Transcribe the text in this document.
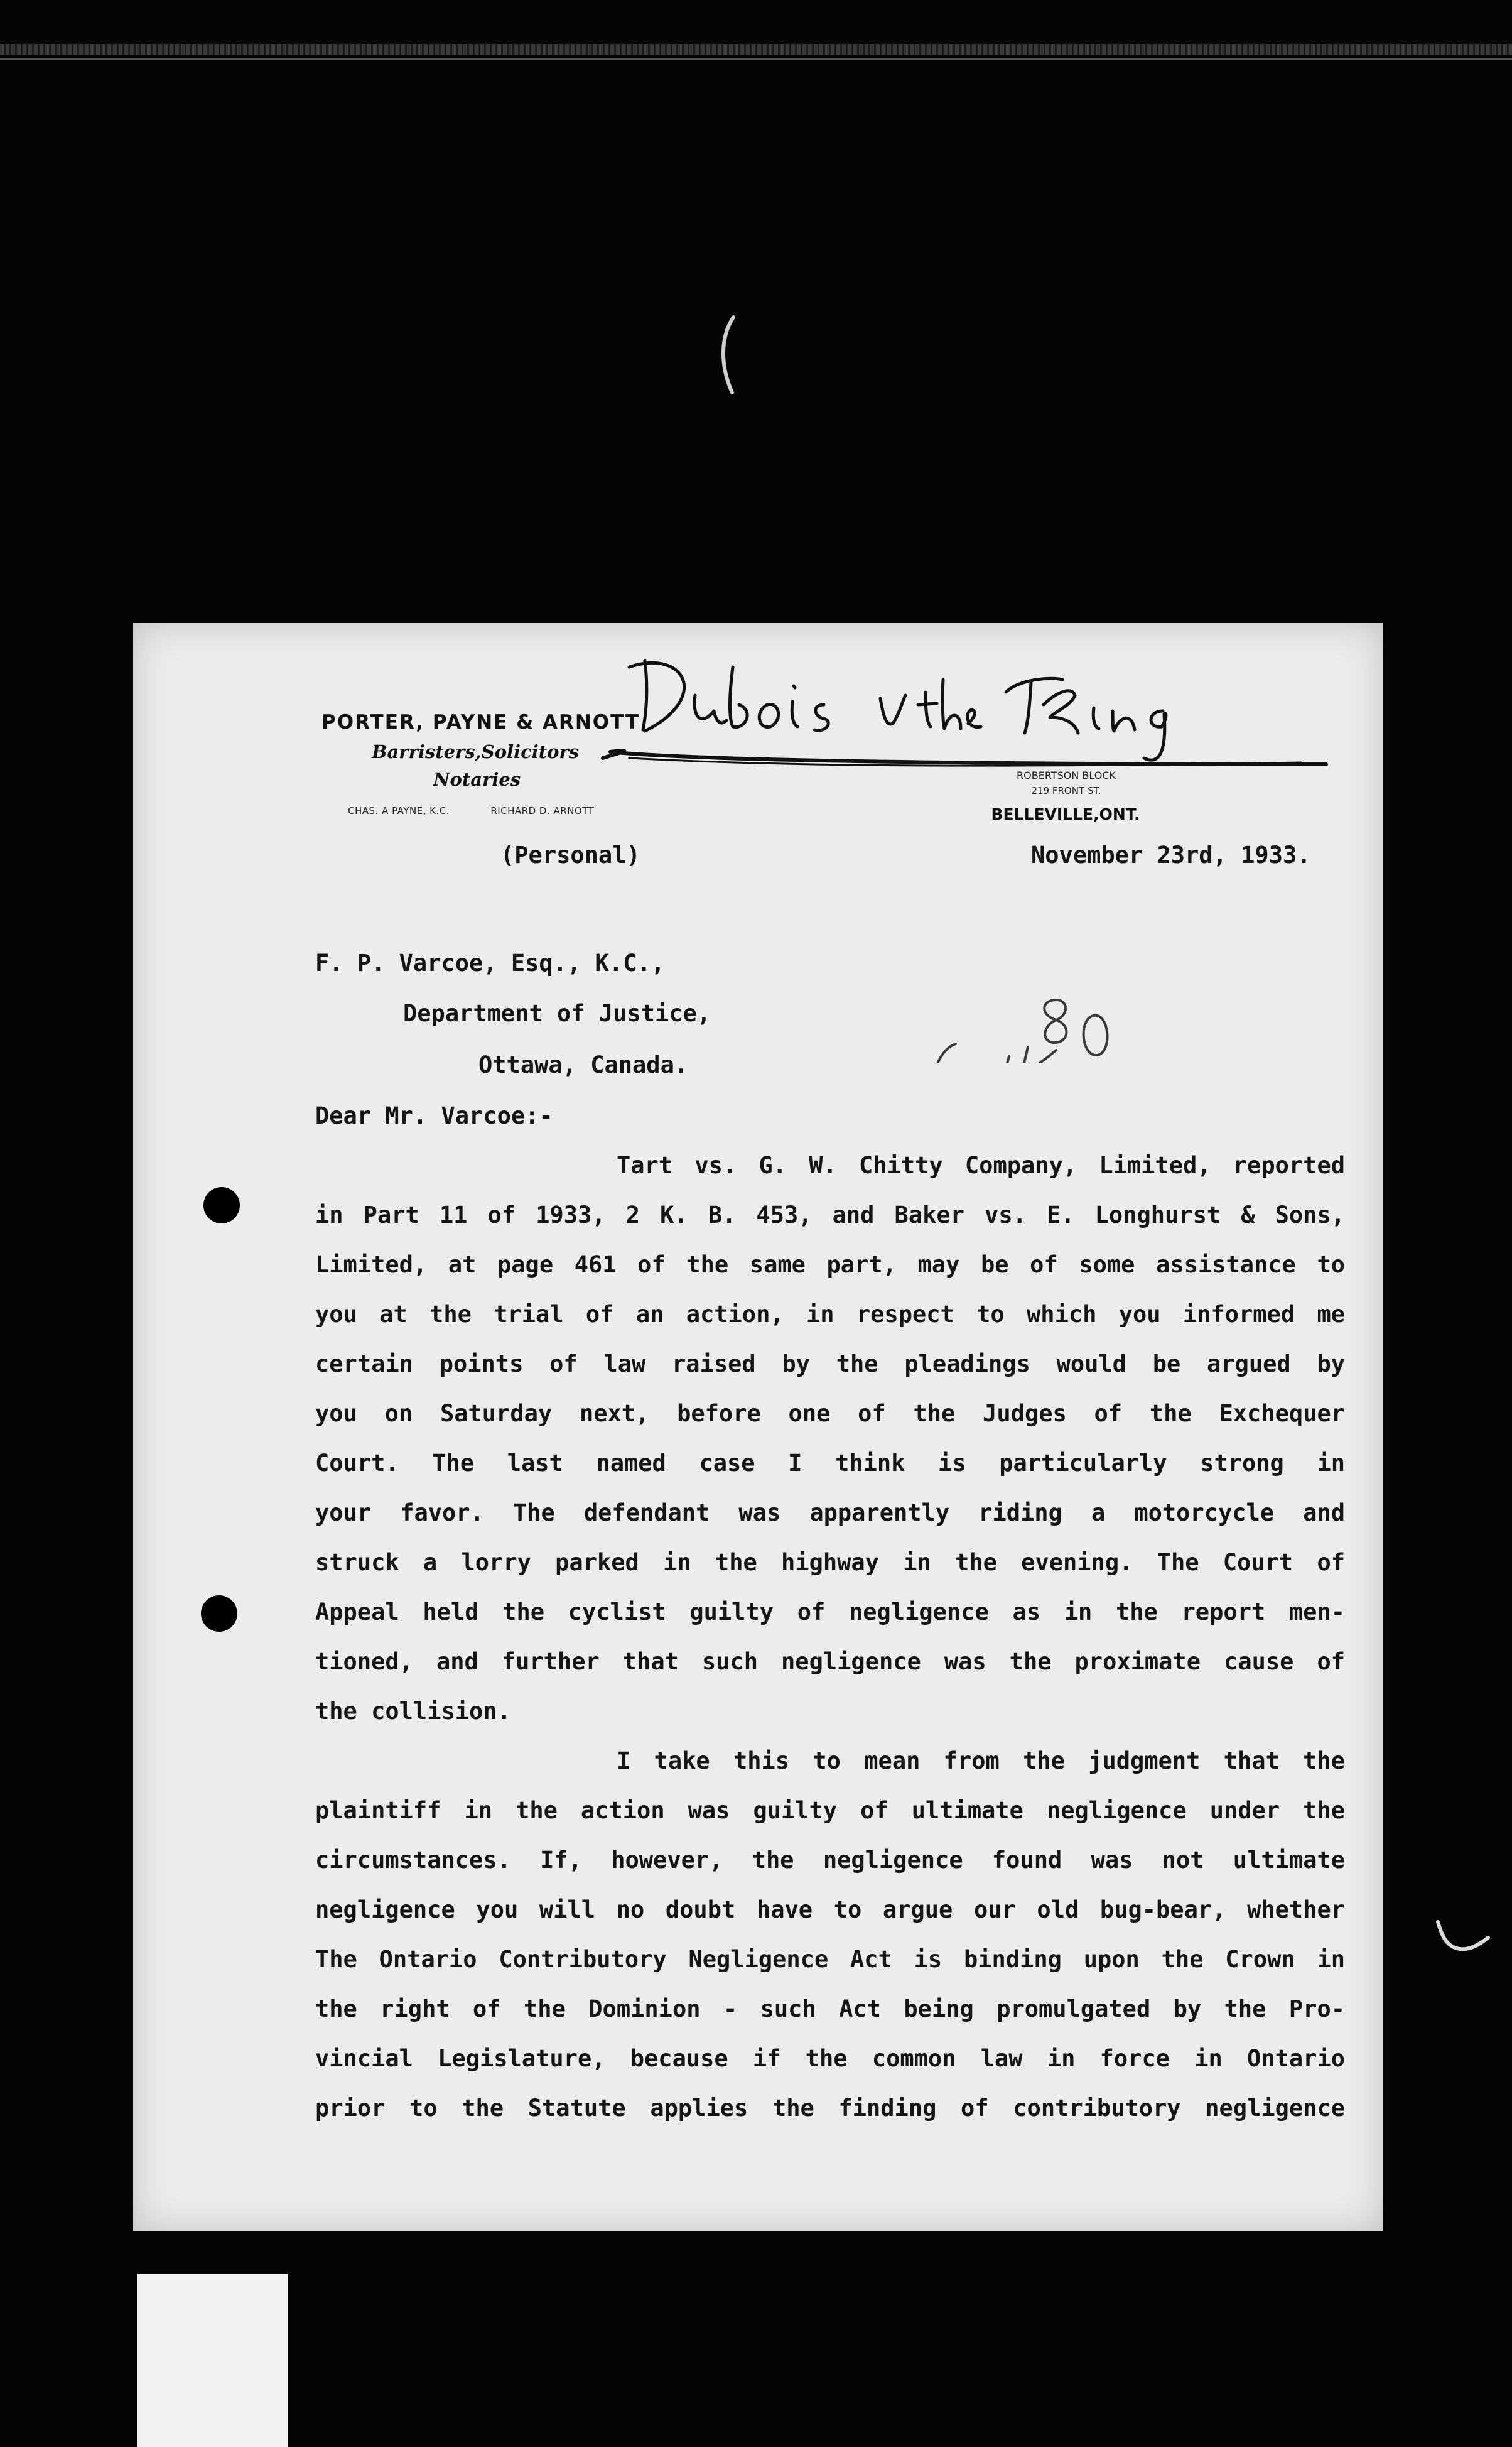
PORTER, PAYNE & ARNOTT
Barristers,Solicitors
Notaries
CHAS. A PAYNE, K.C.	RICHARD D. ARNOTT
ROBERTSON BLOCK
219 FRONT ST.
BELLEVILLE,ONT.
(Personal)	November 23rd, 1933.
F. P. Varcoe, Esq., K.C.,
Department of Justice,
Ottawa, Canada.
Dear Mr. Varcoe:-
Tart vs. G. W. Chitty Company, Limited, reported
in Part 11 of 1933, 2 K. B. 453, and Baker vs. E. Longhurst & Sons,
Limited, at page 461 of the same part, may be of some assistance to
you at the trial of an action, in respect to which you informed me
certain points of law raised by the pleadings would be argued by
you on Saturday next, before one of the Judges of the Exchequer
Court. The last named case I think is particularly strong in
your favor. The defendant was apparently riding a motorcycle and
struck a lorry parked in the highway in the evening. The Court of
Appeal held the cyclist guilty of negligence as in the report men-
tioned, and further that such negligence was the proximate cause of
the collision.
I take this to mean from the judgment that the
plaintiff in the action was guilty of ultimate negligence under the
circumstances. If, however, the negligence found was not ultimate
negligence you will no doubt have to argue our old bug-bear, whether
The Ontario Contributory Negligence Act is binding upon the Crown in
the right of the Dominion - such Act being promulgated by the Pro-
vincial Legislature, because if the common law in force in Ontario
prior to the Statute applies the finding of contributory negligence
